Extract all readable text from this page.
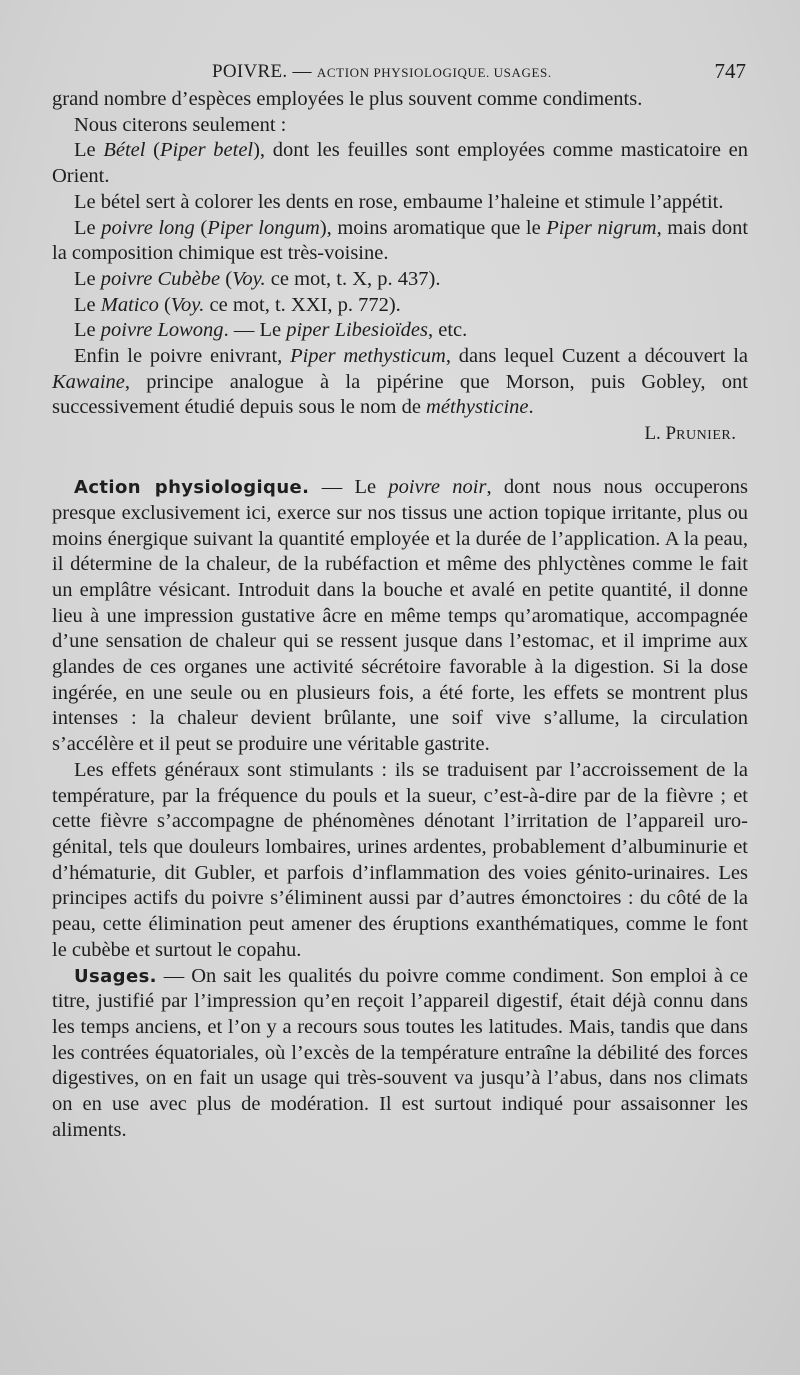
POIVRE. — ACTION PHYSIOLOGIQUE. USAGES.	747

grand nombre d’espèces employées le plus souvent comme condiments.

Nous citerons seulement :

Le Bétel (Piper betel), dont les feuilles sont employées comme masticatoire en Orient.

Le bétel sert à colorer les dents en rose, embaume l’haleine et stimule l’appétit.

Le poivre long (Piper longum), moins aromatique que le Piper nigrum, mais dont la composition chimique est très-voisine.

Le poivre Cubèbe (Voy. ce mot, t. X, p. 437).

Le Matico (Voy. ce mot, t. XXI, p. 772).

Le poivre Lowong. — Le piper Libesioïdes, etc.

Enfin le poivre enivrant, Piper methysticum, dans lequel Cuzent a découvert la Kawaine, principe analogue à la pipérine que Morson, puis Gobley, ont successivement étudié depuis sous le nom de méthysticine.

L. PRUNIER.

Action physiologique. — Le poivre noir, dont nous nous occuperons presque exclusivement ici, exerce sur nos tissus une action topique irritante, plus ou moins énergique suivant la quantité employée et la durée de l’application. A la peau, il détermine de la chaleur, de la rubéfaction et même des phlyctènes comme le fait un emplâtre vésicant. Introduit dans la bouche et avalé en petite quantité, il donne lieu à une impression gustative âcre en même temps qu’aromatique, accompagnée d’une sensation de chaleur qui se ressent jusque dans l’estomac, et il imprime aux glandes de ces organes une activité sécrétoire favorable à la digestion. Si la dose ingérée, en une seule ou en plusieurs fois, a été forte, les effets se montrent plus intenses : la chaleur devient brûlante, une soif vive s’allume, la circulation s’accélère et il peut se produire une véritable gastrite.

Les effets généraux sont stimulants : ils se traduisent par l’accroissement de la température, par la fréquence du pouls et la sueur, c’est-à-dire par de la fièvre ; et cette fièvre s’accompagne de phénomènes dénotant l’irritation de l’appareil uro-génital, tels que douleurs lombaires, urines ardentes, probablement d’albuminurie et d’hématurie, dit Gubler, et parfois d’inflammation des voies génito-urinaires. Les principes actifs du poivre s’éliminent aussi par d’autres émonctoires : du côté de la peau, cette élimination peut amener des éruptions exanthématiques, comme le font le cubèbe et surtout le copahu.

Usages. — On sait les qualités du poivre comme condiment. Son emploi à ce titre, justifié par l’impression qu’en reçoit l’appareil digestif, était déjà connu dans les temps anciens, et l’on y a recours sous toutes les latitudes. Mais, tandis que dans les contrées équatoriales, où l’excès de la température entraîne la débilité des forces digestives, on en fait un usage qui très-souvent va jusqu’à l’abus, dans nos climats on en use avec plus de modération. Il est surtout indiqué pour assaisonner les aliments.
